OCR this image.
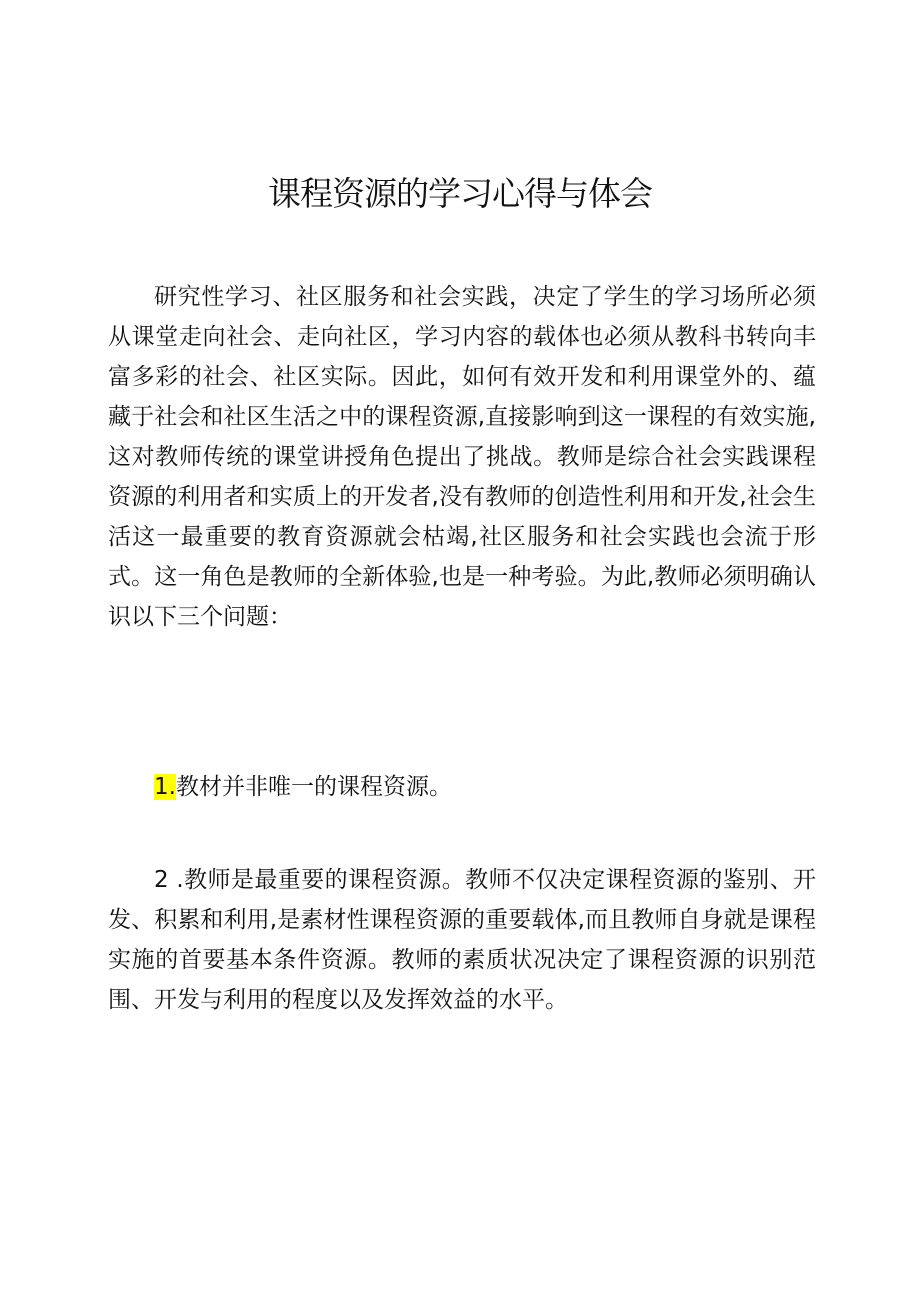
课程资源的学习心得与体会

研究性学习、社区服务和社会实践，决定了学生的学习场所必须从课堂走向社会、走向社区，学习内容的载体也必须从教科书转向丰富多彩的社会、社区实际。因此，如何有效开发和利用课堂外的、蕴藏于社会和社区生活之中的课程资源,直接影响到这一课程的有效实施,这对教师传统的课堂讲授角色提出了挑战。教师是综合社会实践课程资源的利用者和实质上的开发者,没有教师的创造性利用和开发,社会生活这一最重要的教育资源就会枯竭,社区服务和社会实践也会流于形式。这一角色是教师的全新体验,也是一种考验。为此,教师必须明确认识以下三个问题：

1.教材并非唯一的课程资源。

2 .教师是最重要的课程资源。教师不仅决定课程资源的鉴别、开发、积累和利用,是素材性课程资源的重要载体,而且教师自身就是课程实施的首要基本条件资源。教师的素质状况决定了课程资源的识别范围、开发与利用的程度以及发挥效益的水平。
